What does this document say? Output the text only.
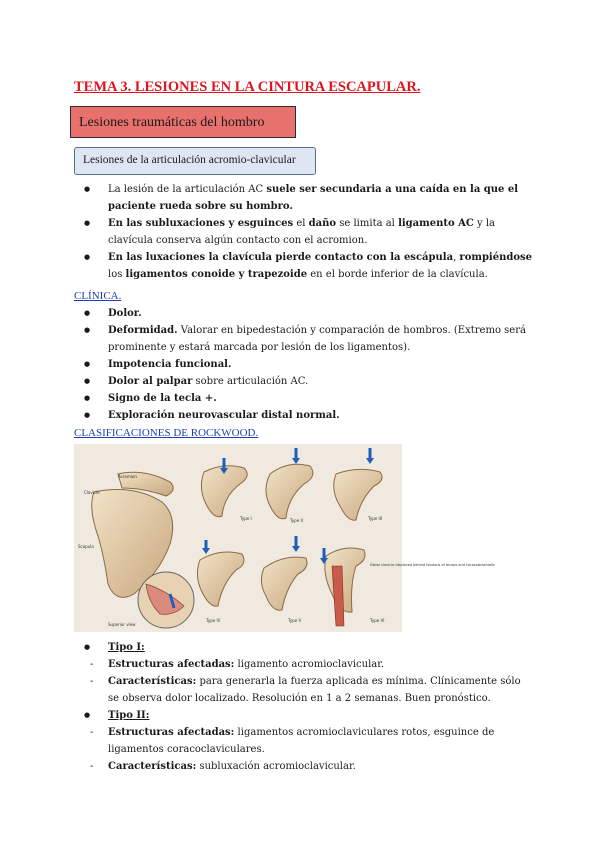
TEMA 3. LESIONES EN LA CINTURA ESCAPULAR.
Lesiones traumáticas del hombro
Lesiones de la articulación acromio-clavicular

● La lesión de la articulación AC suele ser secundaria a una caída en la que el paciente rueda sobre su hombro.

● En las subluxaciones y esguinces el daño se limita al ligamento AC y la clavícula conserva algún contacto con el acromion.

● En las luxaciones la clavícula pierde contacto con la escápula, rompiéndose los ligamentos conoide y trapezoide en el borde inferior de la clavícula.

CLÍNICA.

● Dolor.

● Deformidad. Valorar en bipedestación y comparación de hombros. (Extremo será prominente y estará marcada por lesión de los ligamentos).

● Impotencia funcional.

● Dolor al palpar sobre articulación AC.

● Signo de la tecla +.

● Exploración neurovascular distal normal.

CLASIFICACIONES DE ROCKWOOD.
Acromion
Clavicle
Scapula
Superior view
Type I	Type II	Type III
Type IV	Type V
Distal clavicle displaced behind tendons of biceps and coracobrachialis
Type VI

● Tipo I:

- Estructuras afectadas: ligamento acromioclavicular.

- Características: para generarla la fuerza aplicada es mínima. Clínicamente sólo se observa dolor localizado. Resolución en 1 a 2 semanas. Buen pronóstico.

● Tipo II:

- Estructuras afectadas: ligamentos acromioclaviculares rotos, esguince de ligamentos coracoclaviculares.

- Características: subluxación acromioclavicular.
